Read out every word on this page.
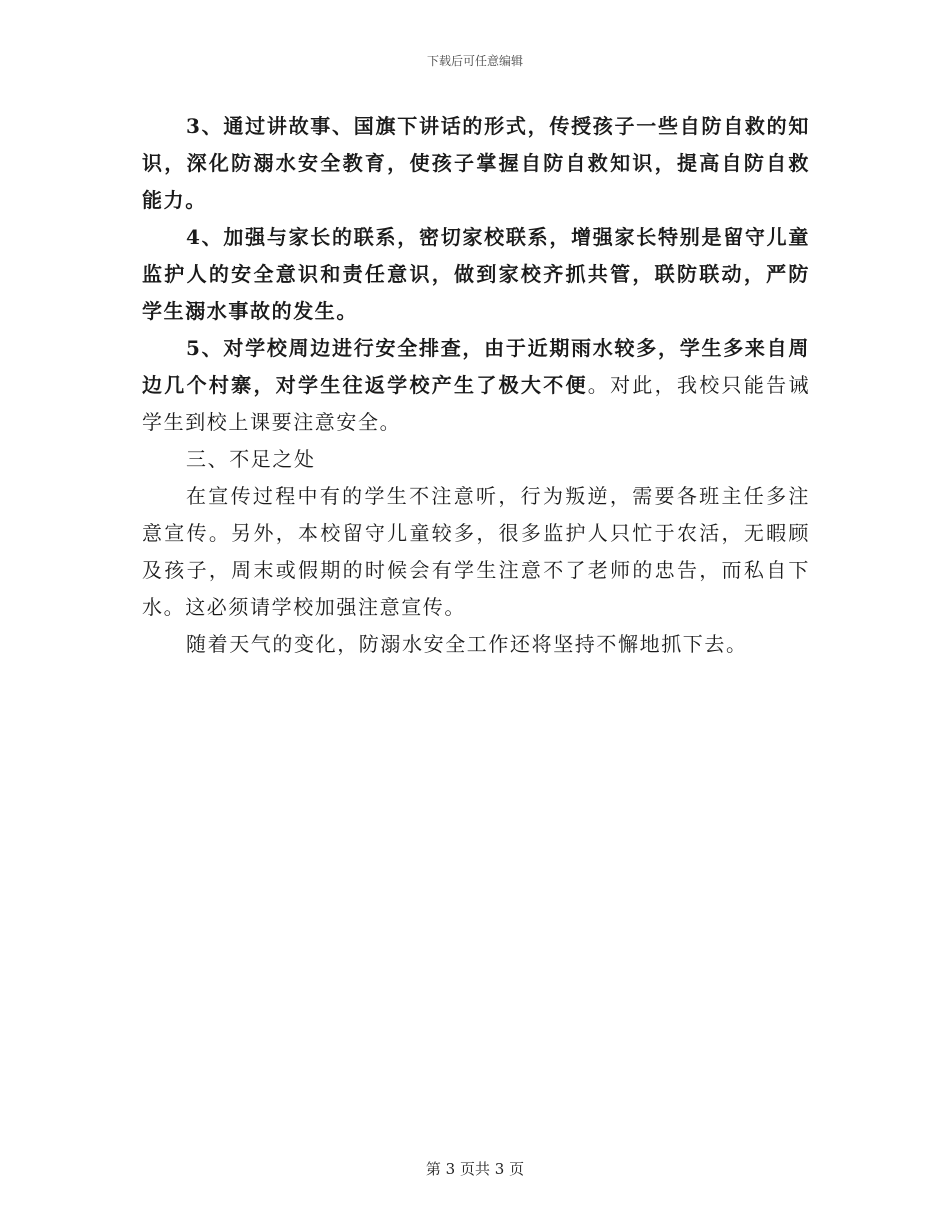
下载后可任意编辑

3、通过讲故事、国旗下讲话的形式，传授孩子一些自防自救的知识，深化防溺水安全教育，使孩子掌握自防自救知识，提高自防自救能力。

4、加强与家长的联系，密切家校联系，增强家长特别是留守儿童监护人的安全意识和责任意识，做到家校齐抓共管，联防联动，严防学生溺水事故的发生。

5、对学校周边进行安全排查，由于近期雨水较多，学生多来自周边几个村寨，对学生往返学校产生了极大不便。对此，我校只能告诫学生到校上课要注意安全。

三、不足之处

在宣传过程中有的学生不注意听，行为叛逆，需要各班主任多注意宣传。另外，本校留守儿童较多，很多监护人只忙于农活，无暇顾及孩子，周末或假期的时候会有学生注意不了老师的忠告，而私自下水。这必须请学校加强注意宣传。

随着天气的变化，防溺水安全工作还将坚持不懈地抓下去。

第 3 页共 3 页
